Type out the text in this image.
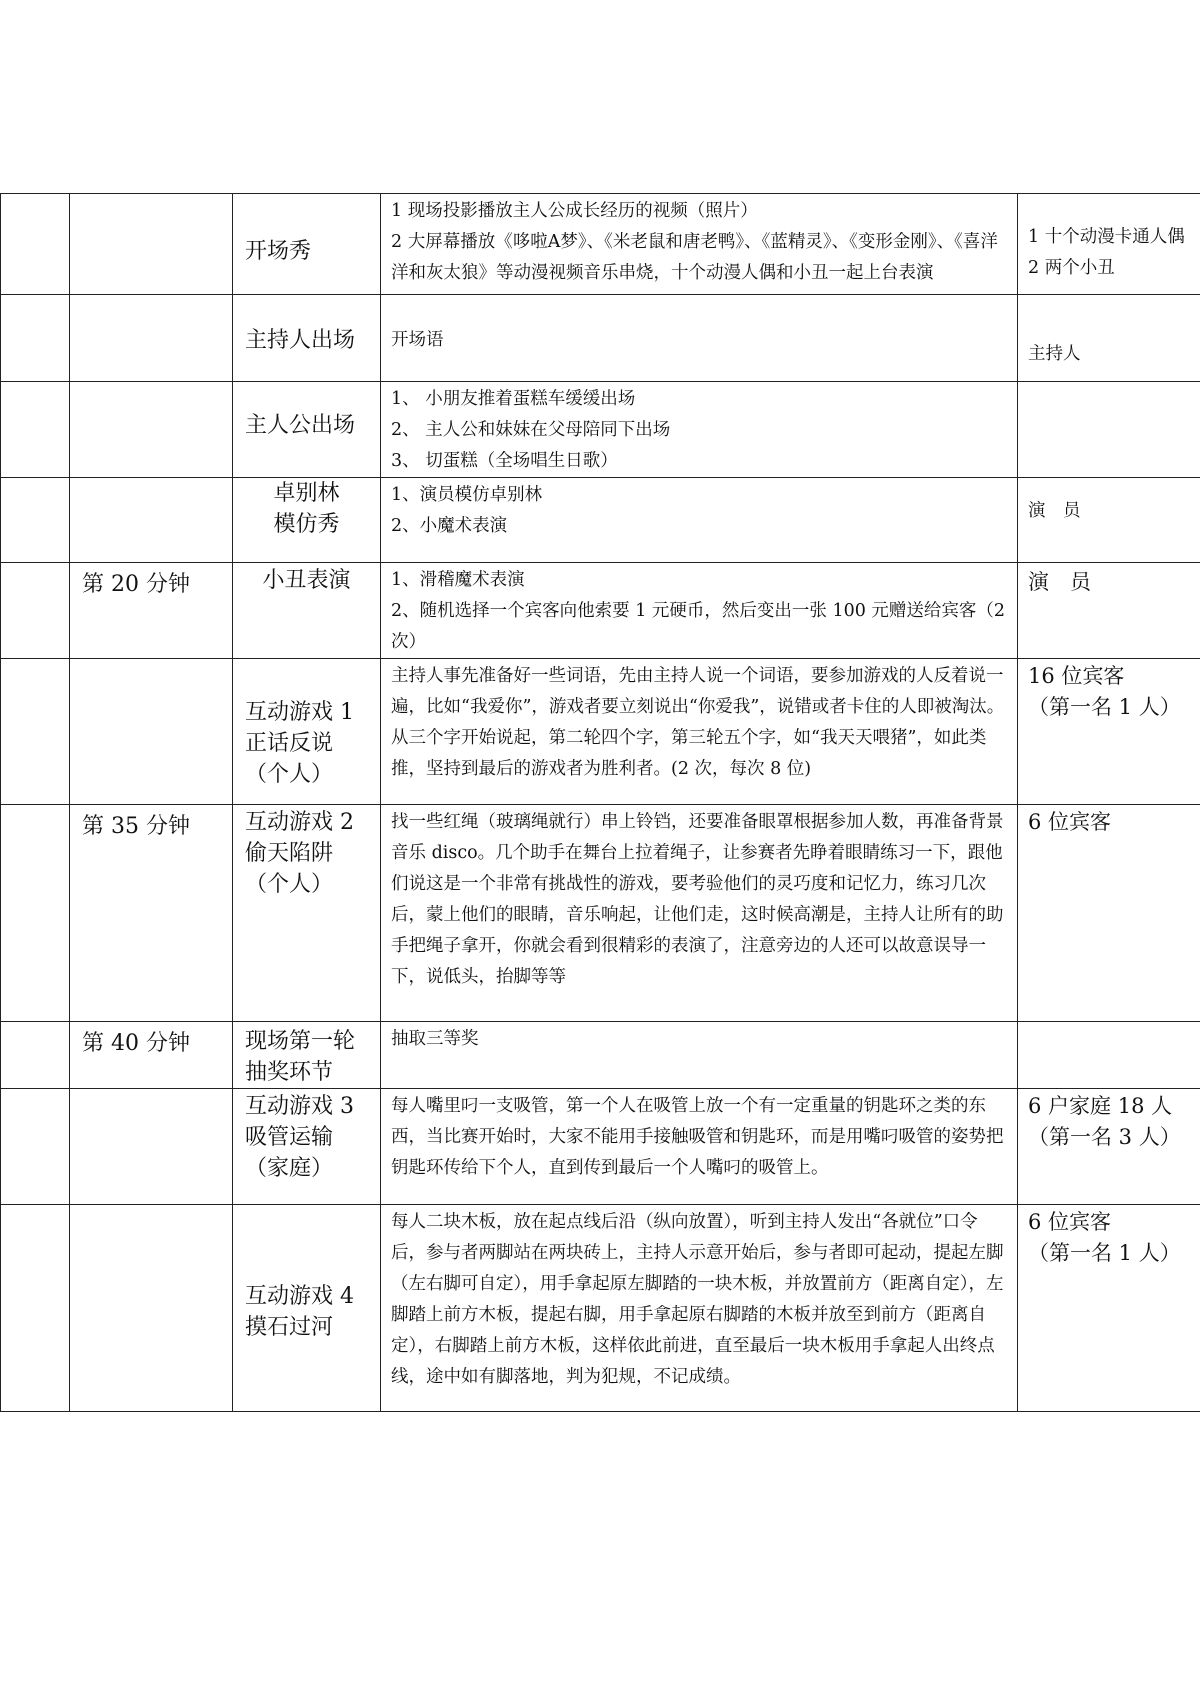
		开场秀	1 现场投影播放主人公成长经历的视频（照片）
2 大屏幕播放《哆啦A梦》、《米老鼠和唐老鸭》、《蓝精灵》、《变形金刚》、《喜洋洋和灰太狼》等动漫视频音乐串烧，十个动漫人偶和小丑一起上台表演	1 十个动漫卡通人偶
2 两个小丑

		主持人出场	开场语	主持人

		主人公出场	1、 小朋友推着蛋糕车缓缓出场
2、 主人公和妹妹在父母陪同下出场
3、 切蛋糕（全场唱生日歌）	

		卓别林
模仿秀	1、演员模仿卓别林
2、小魔术表演	演　员

	第 20 分钟	小丑表演	1、滑稽魔术表演
2、随机选择一个宾客向他索要 1 元硬币，然后变出一张 100 元赠送给宾客（2 次）	演　员

		互动游戏 1
正话反说
（个人）	主持人事先准备好一些词语，先由主持人说一个词语，要参加游戏的人反着说一遍，比如“我爱你”，游戏者要立刻说出“你爱我”，说错或者卡住的人即被淘汰。从三个字开始说起，第二轮四个字，第三轮五个字，如“我天天喂猪”，如此类推，坚持到最后的游戏者为胜利者。(2 次，每次 8 位)	16 位宾客
（第一名 1 人）

	第 35 分钟	互动游戏 2
偷天陷阱
（个人）	找一些红绳（玻璃绳就行）串上铃铛，还要准备眼罩根据参加人数，再准备背景音乐 disco。几个助手在舞台上拉着绳子，让参赛者先睁着眼睛练习一下，跟他们说这是一个非常有挑战性的游戏，要考验他们的灵巧度和记忆力，练习几次后，蒙上他们的眼睛，音乐响起，让他们走，这时候高潮是，主持人让所有的助手把绳子拿开，你就会看到很精彩的表演了，注意旁边的人还可以故意误导一下，说低头，抬脚等等	6 位宾客

	第 40 分钟	现场第一轮
抽奖环节	抽取三等奖	

		互动游戏 3
吸管运输
（家庭）	每人嘴里叼一支吸管，第一个人在吸管上放一个有一定重量的钥匙环之类的东西，当比赛开始时，大家不能用手接触吸管和钥匙环，而是用嘴叼吸管的姿势把钥匙环传给下个人，直到传到最后一个人嘴叼的吸管上。	6 户家庭 18 人
（第一名 3 人）

		互动游戏 4
摸石过河	每人二块木板，放在起点线后沿（纵向放置），听到主持人发出“各就位”口令后，参与者两脚站在两块砖上，主持人示意开始后，参与者即可起动，提起左脚（左右脚可自定），用手拿起原左脚踏的一块木板，并放置前方（距离自定），左脚踏上前方木板，提起右脚，用手拿起原右脚踏的木板并放至到前方（距离自定），右脚踏上前方木板，这样依此前进，直至最后一块木板用手拿起人出终点线，途中如有脚落地，判为犯规，不记成绩。	6 位宾客
（第一名 1 人）
